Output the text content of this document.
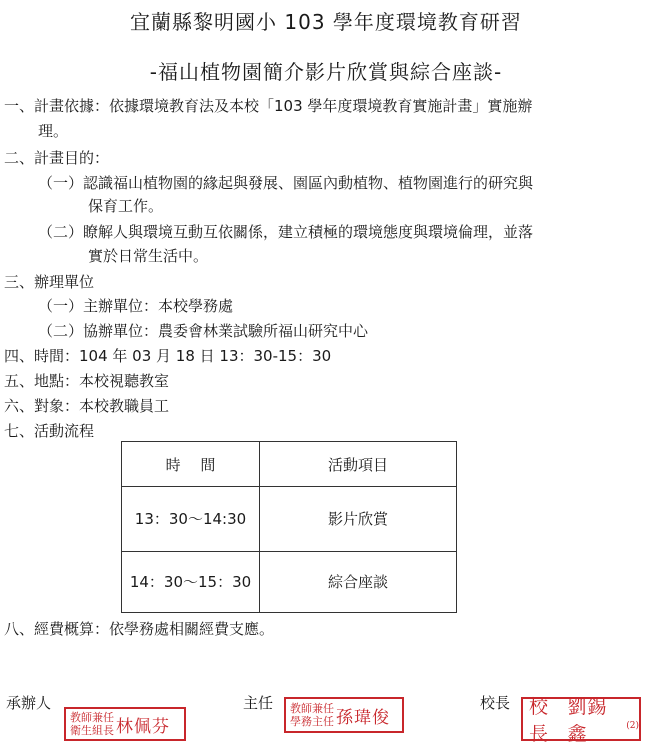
宜蘭縣黎明國小 103 學年度環境教育研習
-福山植物園簡介影片欣賞與綜合座談-
一、計畫依據：依據環境教育法及本校「103 學年度環境教育實施計畫」實施辦
理。
二、計畫目的：
（一）認識福山植物園的緣起與發展、園區內動植物、植物園進行的研究與
保育工作。
（二）瞭解人與環境互動互依關係，建立積極的環境態度與環境倫理，並落
實於日常生活中。
三、辦理單位
（一）主辦單位：本校學務處
（二）協辦單位：農委會林業試驗所福山研究中心
四、時間：104 年 03 月 18 日 13：30-15：30
五、地點：本校視聽教室
六、對象：本校教職員工
七、活動流程
時　 間	活動項目
13：30～14:30	影片欣賞
14：30～15：30	綜合座談
八、經費概算：依學務處相關經費支應。
承辦人
教師兼任
衛生組長 林佩芬
主任 教師兼任
學務主任 孫瑋俊
校長 校長
劉錫鑫	(2)
